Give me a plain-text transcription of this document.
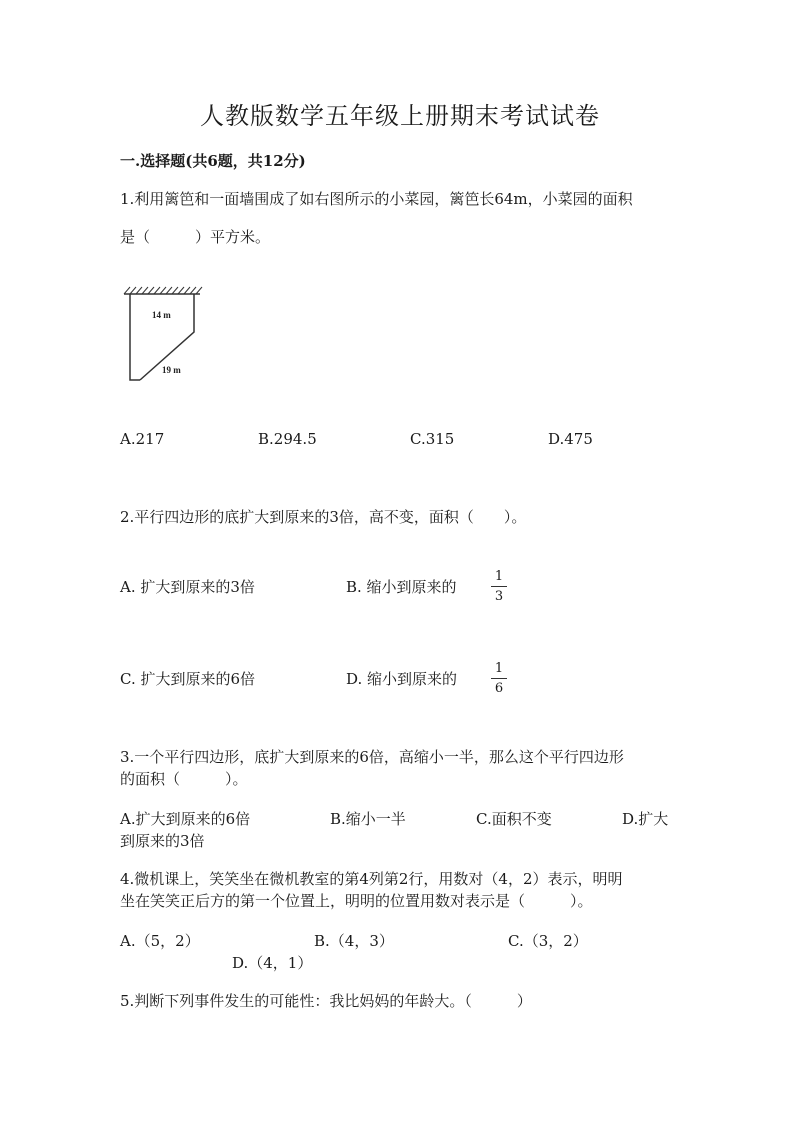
人教版数学五年级上册期末考试试卷
一.选择题(共6题，共12分)
1.利用篱笆和一面墙围成了如右图所示的小菜园，篱笆长64m，小菜园的面积
是（　　　）平方米。
14 m
19 m
A.217	B.294.5	C.315	D.475
2.平行四边形的底扩大到原来的3倍，高不变，面积（　　）。
A. 扩大到原来的3倍	B. 缩小到原来的
1
3
C. 扩大到原来的6倍	D. 缩小到原来的
1
6
3.一个平行四边形，底扩大到原来的6倍，高缩小一半，那么这个平行四边形
的面积（　　　）。
A.扩大到原来的6倍	B.缩小一半	C.面积不变	D.扩大
到原来的3倍
4.微机课上，笑笑坐在微机教室的第4列第2行，用数对（4，2）表示，明明
坐在笑笑正后方的第一个位置上，明明的位置用数对表示是（　　　）。
A.（5，2）	B.（4，3）	C.（3，2）
D.（4，1）
5.判断下列事件发生的可能性：我比妈妈的年龄大。（　　　）
